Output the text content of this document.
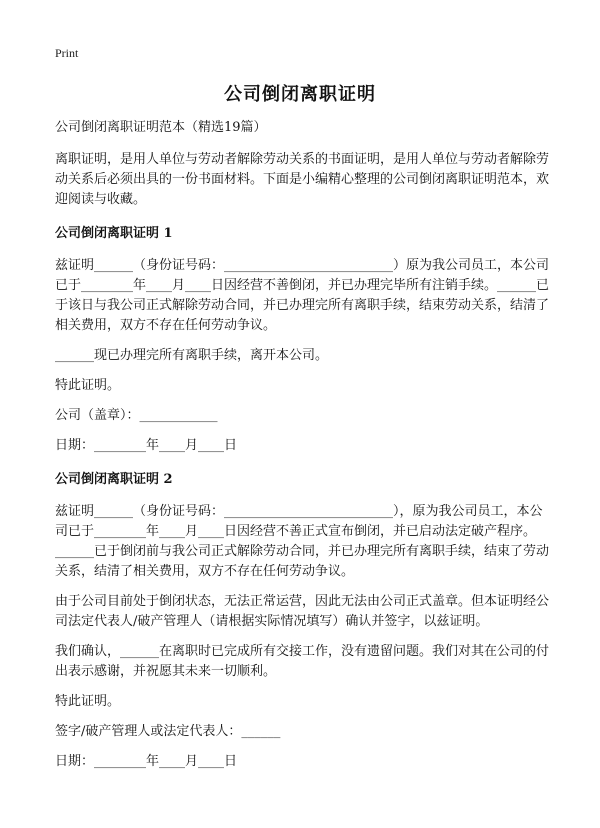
Print
公司倒闭离职证明

公司倒闭离职证明范本（精选19篇）

离职证明，是用人单位与劳动者解除劳动关系的书面证明，是用人单位与劳动者解除劳动关系后必须出具的一份书面材料。下面是小编精心整理的公司倒闭离职证明范本，欢迎阅读与收藏。

公司倒闭离职证明 1

兹证明______（身份证号码：__________________________）原为我公司员工，本公司已于________年____月____日因经营不善倒闭，并已办理完毕所有注销手续。______已于该日与我公司正式解除劳动合同，并已办理完所有离职手续，结束劳动关系，结清了相关费用，双方不存在任何劳动争议。

______现已办理完所有离职手续，离开本公司。

特此证明。

公司（盖章）：____________

日期：________年____月____日

公司倒闭离职证明 2

兹证明______（身份证号码：__________________________），原为我公司员工，本公司已于________年____月____日因经营不善正式宣布倒闭，并已启动法定破产程序。______已于倒闭前与我公司正式解除劳动合同，并已办理完所有离职手续，结束了劳动关系，结清了相关费用，双方不存在任何劳动争议。

由于公司目前处于倒闭状态，无法正常运营，因此无法由公司正式盖章。但本证明经公司法定代表人/破产管理人（请根据实际情况填写）确认并签字，以兹证明。

我们确认，______在离职时已完成所有交接工作，没有遗留问题。我们对其在公司的付出表示感谢，并祝愿其未来一切顺利。

特此证明。

签字/破产管理人或法定代表人：______

日期：________年____月____日
